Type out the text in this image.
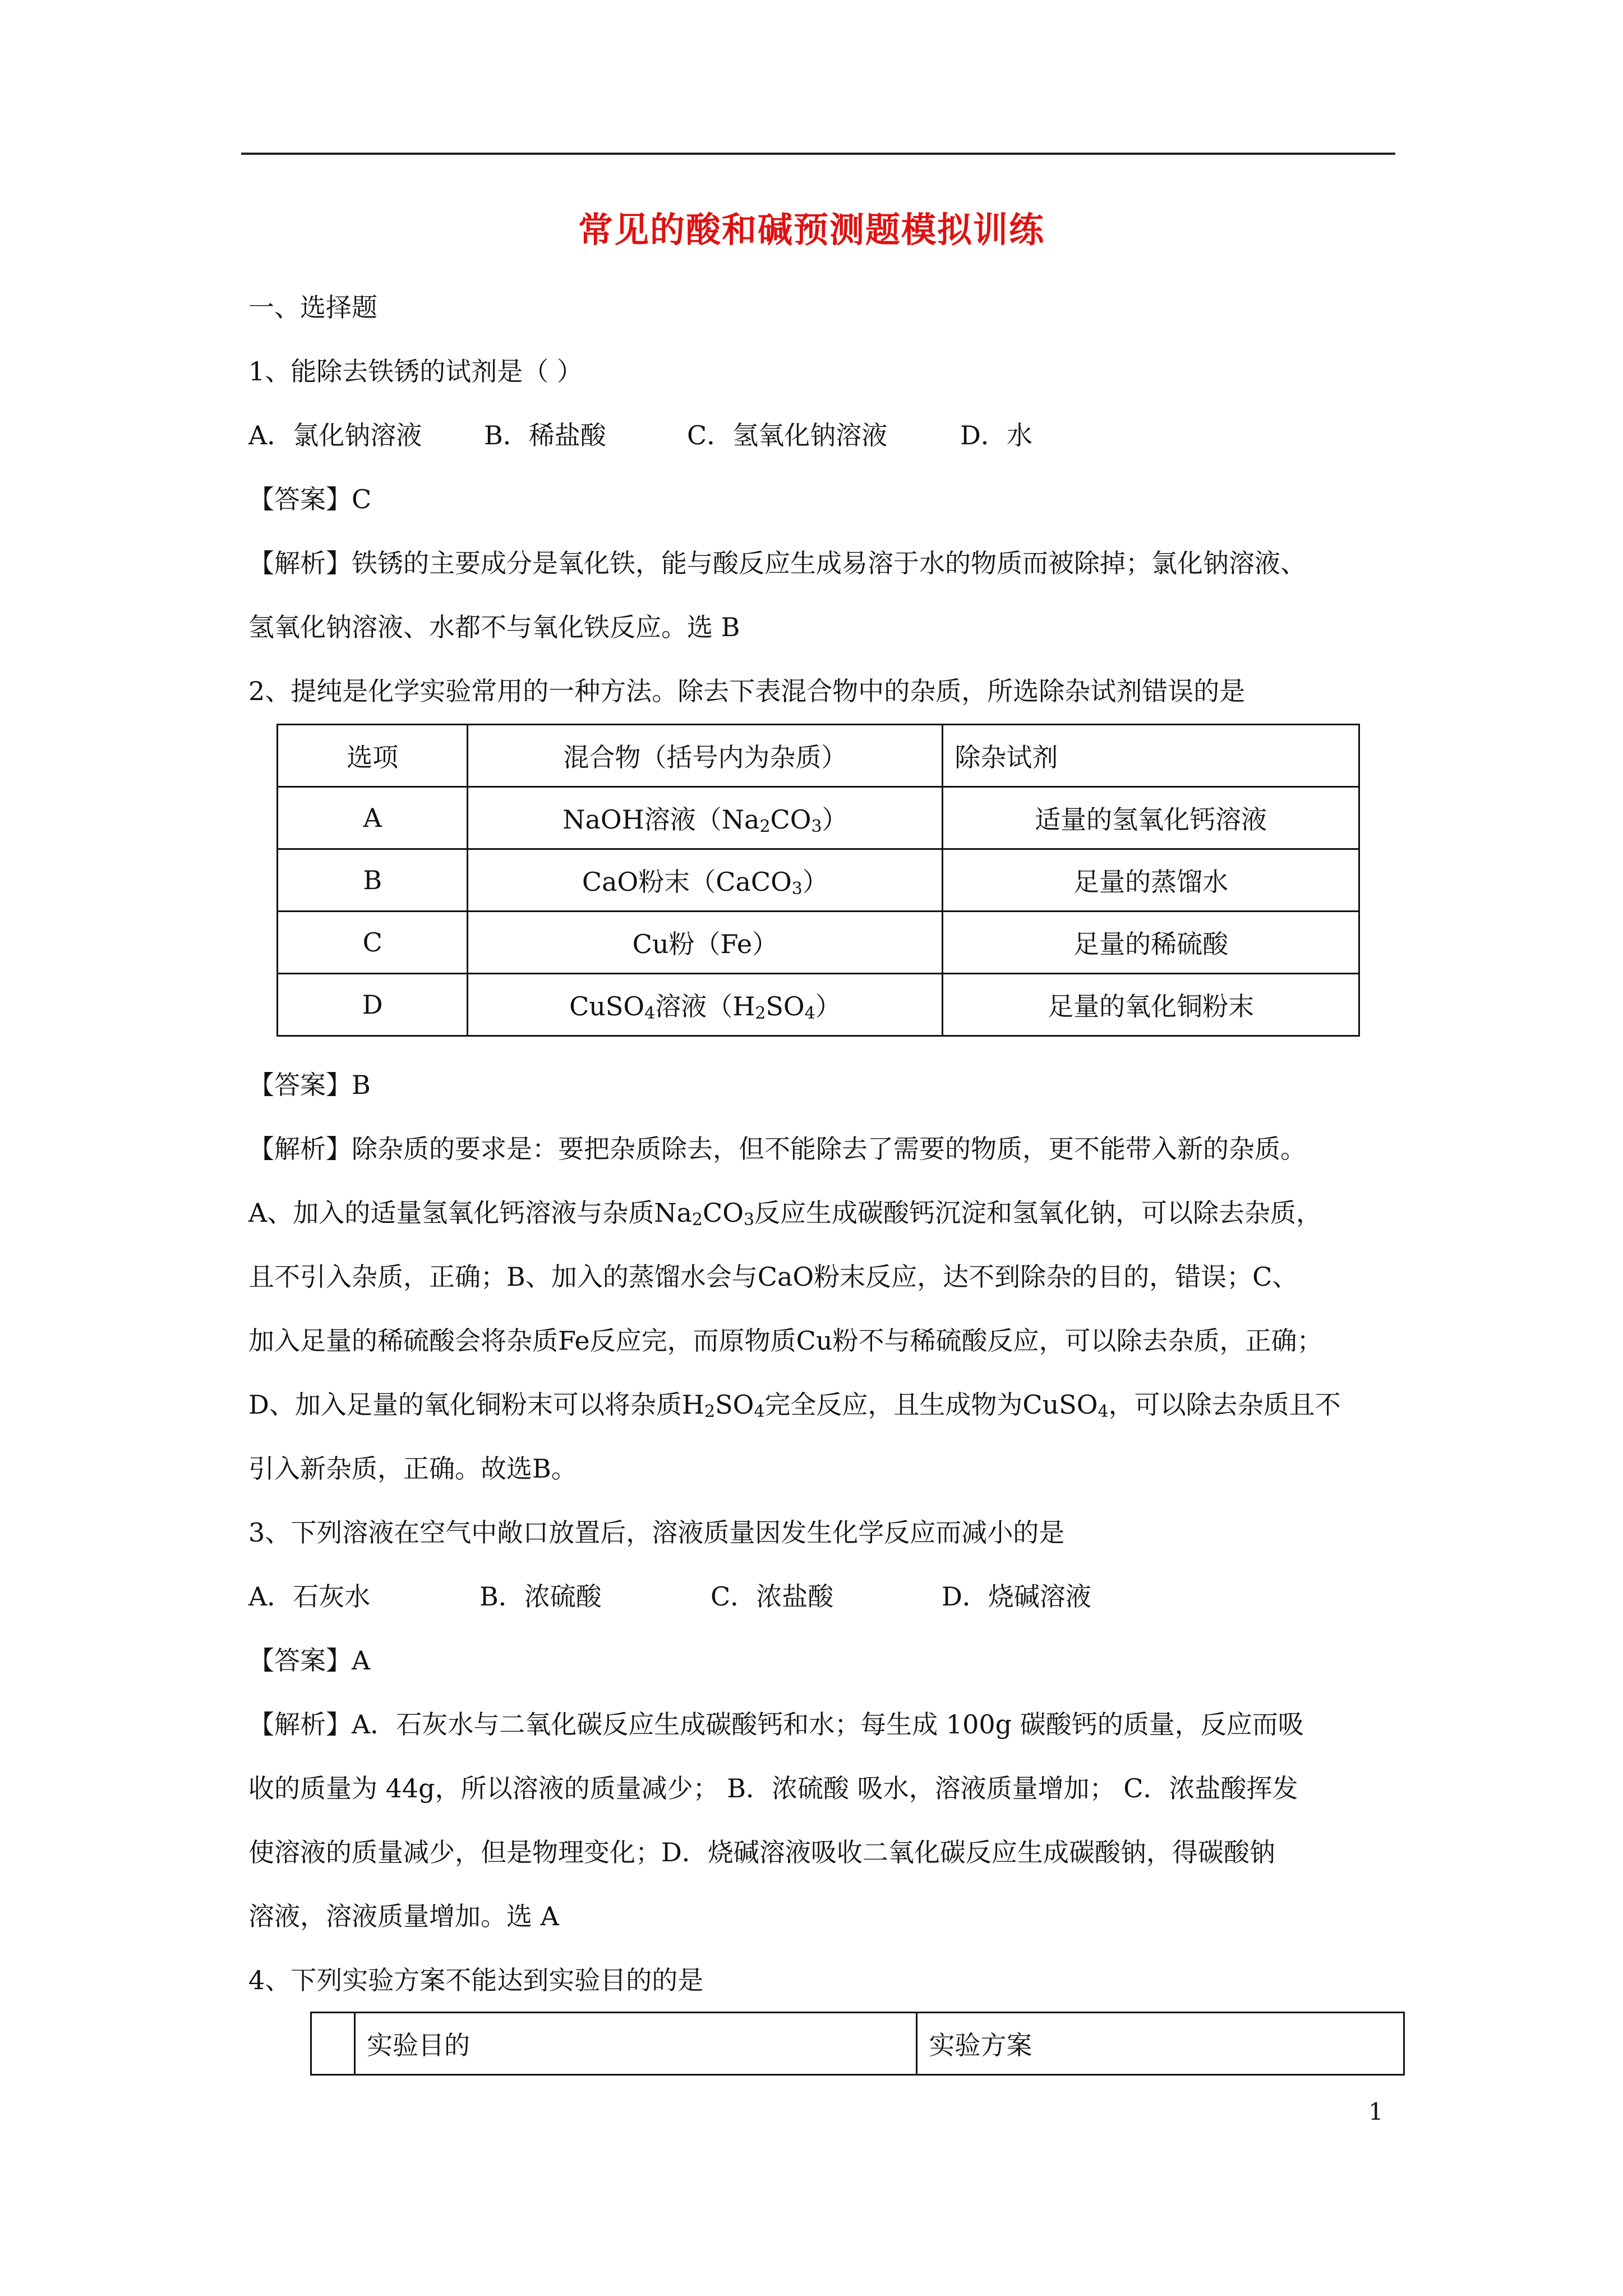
常见的酸和碱预测题模拟训练
一、选择题
1、能除去铁锈的试剂是（ ）
A．氯化钠溶液 B．稀盐酸	C．氢氧化钠溶液	D．水
【答案】C
【解析】铁锈的主要成分是氧化铁，能与酸反应生成易溶于水的物质而被除掉；氯化钠溶液、
氢氧化钠溶液、水都不与氧化铁反应。选 B
2、提纯是化学实验常用的一种方法。除去下表混合物中的杂质，所选除杂试剂错误的是
选项	混合物（括号内为杂质）	除杂试剂
A	NaOH溶液$(Na_2CO_3)$	适量的氢氧化钙溶液
B	CaO粉末（CaCO$_3$）	足量的蒸馏水
C	Cu粉（Fe）	足量的稀硫酸
D	CuSO$_4$溶液$(H_2SO_4)$	足量的氧化铜粉末
【答案】B
【解析】除杂质的要求是：要把杂质除去，但不能除去了需要的物质，更不能带入新的杂质。
A、加入的适量氢氧化钙溶液与杂质$Na_2CO_3$反应生成碳酸钙沉淀和氢氧化钠，可以除去杂质，
且不引入杂质，正确；B、加入的蒸馏水会与CaO粉末反应，达不到除杂的目的，错误；C、
加入足量的稀硫酸会将杂质Fe反应完，而原物质Cu粉不与稀硫酸反应，可以除去杂质，正确；
D、加入足量的氧化铜粉末可以将杂质$H_2SO_4$完全反应，且生成物为CuSO$_4$，可以除去杂质且不
引入新杂质，正确。故选B。
3、下列溶液在空气中敞口放置后，溶液质量因发生化学反应而减小的是
A．石灰水	B．浓硫酸	C．浓盐酸	D．烧碱溶液
【答案】A
【解析】A．石灰水与二氧化碳反应生成碳酸钙和水；每生成 100g 碳酸钙的质量，反应而吸
收的质量为 44g，所以溶液的质量减少； B．浓硫酸 吸水，溶液质量增加； C．浓盐酸挥发
使溶液的质量减少，但是物理变化；D．烧碱溶液吸收二氧化碳反应生成碳酸钠，得碳酸钠
溶液，溶液质量增加。选 A
4、下列实验方案不能达到实验目的的是
	实验目的	实验方案
1
